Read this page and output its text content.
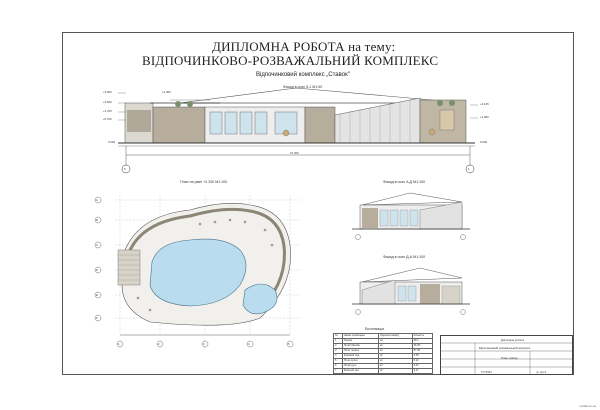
ДИПЛОМНА РОБОТА на тему:
ВІДПОЧИНКОВО-РОЗВАЖАЛЬНИЙ КОМПЛЕКС
Відпочинковий комплекс „Ставок"
Фасад в осях 5-1 М1:50
+3.000
+2.500
+1.700
+0.700
0.000
+3.125
+1.900
0.000
+3.450
27.300
5	1
План на рівні +2.200 М1:100
1	2	3	4	5
A
B
C
D
E
F
Фасад в осях А-Д М1:100
Фасад в осях Д-А М1:100
Експлікація
№	Назва приміщень	Одиниця виміру	Кількість
1	Тераса	м²	28.1
2	Літній басейн	м²	36.05
3	Літня тераса	м²	57.90
4	Зимовий сад	м²	4.05
5	Літня кухня	м²	5.22
6	Літній душ	м²	3.37
7	Зелений зал	м²	3.27
Дипломна робота
Відпочинковий розважальний комплекс
План, фасад
гр. Ар-2
ТО 5031
xoztiko.in.ua
